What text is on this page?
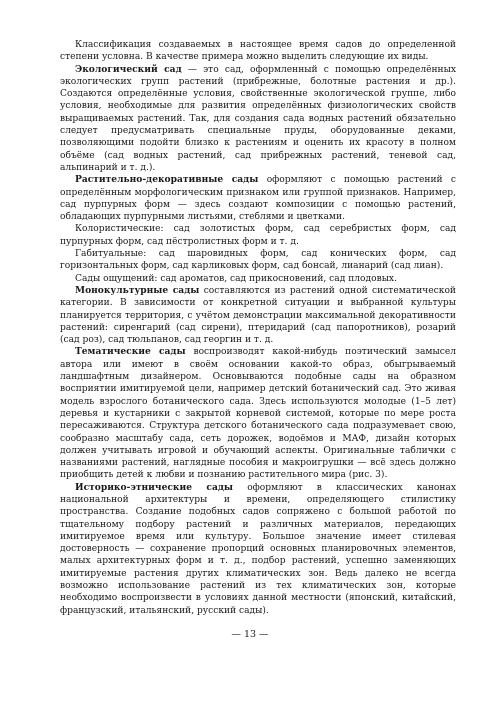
Классификация создаваемых в настоящее время садов до определенной степени условна. В качестве примера можно выделить следующие их виды.

Экологический сад — это сад, оформленный с помощью определённых экологических групп растений (прибрежные, болотные растения и др.). Создаются определённые условия, свойственные экологической группе, либо условия, необходимые для развития определённых физиологических свойств выращиваемых растений. Так, для создания сада водных растений обязательно следует предусматривать специальные пруды, оборудованные деками, позволяющими подойти близко к растениям и оценить их красоту в полном объёме (сад водных растений, сад прибрежных растений, теневой сад, альпинарий и т. д.).

Растительно-декоративные сады оформляют с помощью растений с определённым морфологическим признаком или группой признаков. Например, сад пурпурных форм — здесь создают композиции с помощью растений, обладающих пурпурными листьями, стеблями и цветками.

Колористические: сад золотистых форм, сад серебристых форм, сад пурпурных форм, сад пёстролистных форм и т. д.

Габитуальные: сад шаровидных форм, сад конических форм, сад горизонтальных форм, сад карликовых форм, сад бонсай, лианарий (сад лиан).

Сады ощущений: сад ароматов, сад прикосновений, сад плодовых.

Монокультурные сады составляются из растений одной систематической категории. В зависимости от конкретной ситуации и выбранной культуры планируется территория, с учётом демонстрации максимальной декоративности растений: сиренгарий (сад сирени), птеридарий (сад папоротников), розарий (сад роз), сад тюльпанов, сад георгин и т. д.

Тематические сады воспроизводят какой-нибудь поэтический замысел автора или имеют в своём основании какой-то образ, обыгрываемый ландшафтным дизайнером. Основываются подобные сады на образном восприятии имитируемой цели, например детский ботанический сад. Это живая модель взрослого ботанического сада. Здесь используются молодые (1–5 лет) деревья и кустарники с закрытой корневой системой, которые по мере роста пересаживаются. Структура детского ботанического сада подразумевает свою, сообразно масштабу сада, сеть дорожек, водоёмов и МАФ, дизайн которых должен учитывать игровой и обучающий аспекты. Оригинальные таблички с названиями растений, наглядные пособия и макроигрушки — всё здесь должно приобщить детей к любви и познанию растительного мира (рис. 3).

Историко-этнические сады оформляют в классических канонах национальной архитектуры и времени, определяющего стилистику пространства. Создание подобных садов сопряжено с большой работой по тщательному подбору растений и различных материалов, передающих имитируемое время или культуру. Большое значение имеет стилевая достоверность — сохранение пропорций основных планировочных элементов, малых архитектурных форм и т. д., подбор растений, успешно заменяющих имитируемые растения других климатических зон. Ведь далеко не всегда возможно использование растений из тех климатических зон, которые необходимо воспроизвести в условиях данной местности (японский, китайский, французский, итальянский, русский сады).

— 13 —
